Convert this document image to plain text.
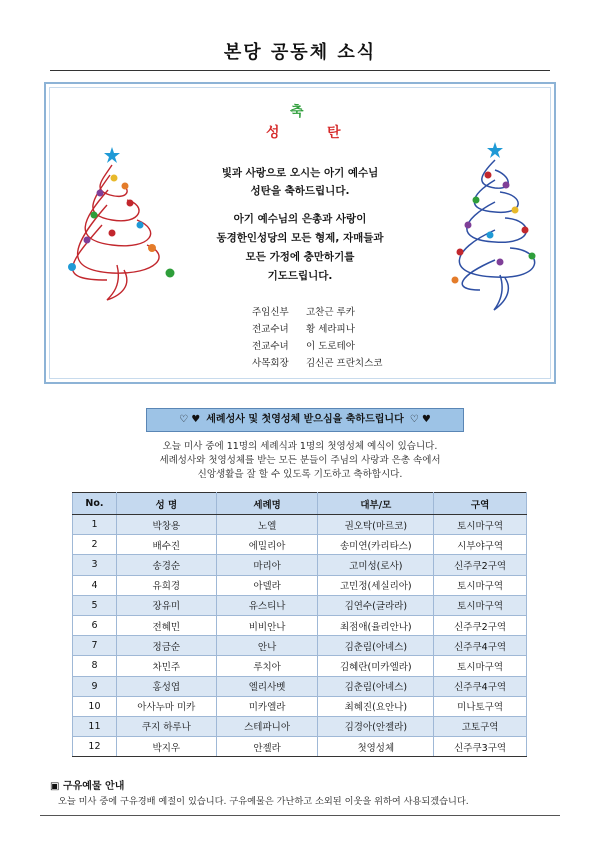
본당 공동체 소식
축
성	탄
빛과 사랑으로 오시는 아기 예수님
성탄을 축하드립니다.
아기 예수님의 은총과 사랑이
동경한인성당의 모든 형제, 자매들과
모든 가정에 충만하기를
기도드립니다.
주임신부 고찬근 루카
전교수녀 황 세라피나
전교수녀 이 도로테아
사목회장 김신곤 프란치스코
♡ ♥ 세례성사 및 첫영성체 받으심을 축하드립니다 ♡ ♥
오늘 미사 중에 11명의 세례식과 1명의 첫영성체 예식이 있습니다.
세례성사와 첫영성체를 받는 모든 분들이 주님의 사랑과 은총 속에서
신앙생활을 잘 할 수 있도록 기도하고 축하합시다.
No.	성 명	세례명	대부/모	구역
1	박창용	노엘	권오탁(마르코)	토시마구역
2	배수진	에밀리아	송미연(카리타스)	시부야구역
3	송경순	마리아	고미성(로사)	신주쿠2구역
4	유희경	아델라	고민정(세실리아)	토시마구역
5	장유미	유스티나	김연수(글라라)	토시마구역
6	전혜민	비비안나	최점애(율리안나)	신주쿠2구역
7	정금순	안나	김춘림(아녜스)	신주쿠4구역
8	차민주	루치아	김혜란(미카엘라)	토시마구역
9	홍성엽	엘리사벳	김춘림(아녜스)	신주쿠4구역
10	아사누마 미카	미카엘라	최혜진(요안나)	미나토구역
11	쿠지 하루나	스테파니아	김경아(안젤라)	고토구역
12	박지우	안젤라	첫영성체	신주쿠3구역
▣ 구유예물 안내
오늘 미사 중에 구유경배 예절이 있습니다. 구유예물은 가난하고 소외된 이웃을 위하여 사용되겠습니다.
